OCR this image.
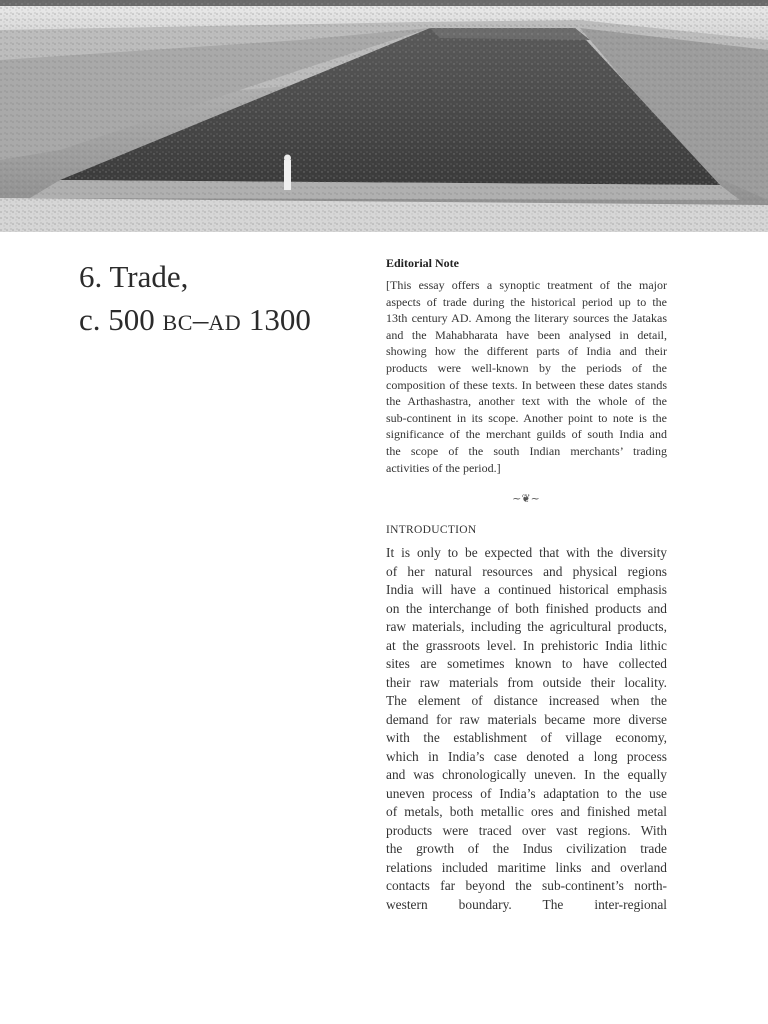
6. Trade,
c. 500 BC–AD 1300
Editorial Note

[This essay offers a synoptic treatment of the major
aspects of trade during the historical period up to the
13th century AD. Among the literary sources the Jatakas
and the Mahabharata have been analysed in detail,
showing how the different parts of India and their
products were well-known by the periods of the
composition of these texts. In between these dates stands
the Arthashastra, another text with the whole of the
sub-continent in its scope. Another point to note is the
significance of the merchant guilds of south India and
the scope of the south Indian merchants’ trading
activities of the period.]

~❦~
INTRODUCTION

It is only to be expected that with the diversity
of her natural resources and physical regions
India will have a continued historical emphasis
on the interchange of both finished products and
raw materials, including the agricultural products,
at the grassroots level. In prehistoric India lithic
sites are sometimes known to have collected
their raw materials from outside their locality.
The element of distance increased when the
demand for raw materials became more diverse
with the establishment of village economy,
which in India’s case denoted a long process
and was chronologically uneven. In the equally
uneven process of India’s adaptation to the use
of metals, both metallic ores and finished metal
products were traced over vast regions. With
the growth of the Indus civilization trade
relations included maritime links and overland
contacts far beyond the sub-continent’s north-
western boundary. The inter-regional
